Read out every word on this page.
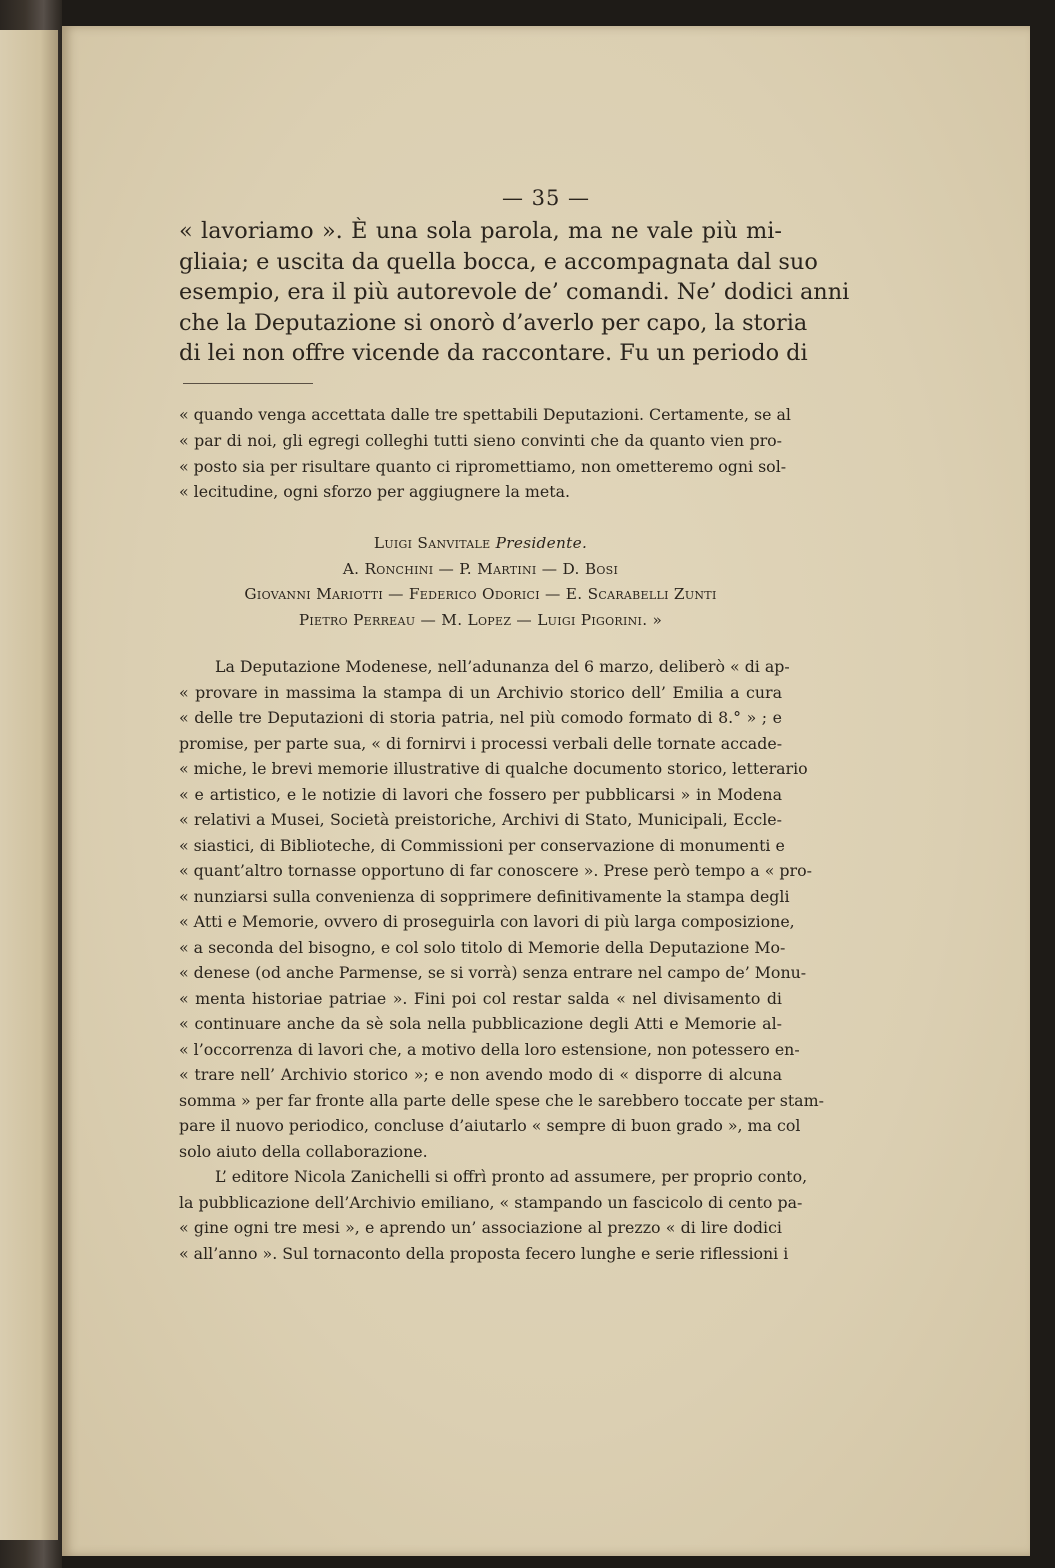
— 35 —
« lavoriamo ». È una sola parola, ma ne vale più mi-
gliaia; e uscita da quella bocca, e accompagnata dal suo
esempio, era il più autorevole de’ comandi. Ne’ dodici anni
che la Deputazione si onorò d’averlo per capo, la storia
di lei non offre vicende da raccontare. Fu un periodo di
« quando venga accettata dalle tre spettabili Deputazioni. Certamente, se al
« par di noi, gli egregi colleghi tutti sieno convinti che da quanto vien pro-
« posto sia per risultare quanto ci ripromettiamo, non ometteremo ogni sol-
« lecitudine, ogni sforzo per aggiugnere la meta.
Luigi Sanvitale Presidente.
A. Ronchini — P. Martini — D. Bosi
Giovanni Mariotti — Federico Odorici — E. Scarabelli Zunti
Pietro Perreau — M. Lopez — Luigi Pigorini. »
La Deputazione Modenese, nell’adunanza del 6 marzo, deliberò « di ap-
« provare in massima la stampa di un Archivio storico dell’ Emilia a cura
« delle tre Deputazioni di storia patria, nel più comodo formato di 8.° » ; e
promise, per parte sua, « di fornirvi i processi verbali delle tornate accade-
« miche, le brevi memorie illustrative di qualche documento storico, letterario
« e artistico, e le notizie di lavori che fossero per pubblicarsi » in Modena
« relativi a Musei, Società preistoriche, Archivi di Stato, Municipali, Eccle-
« siastici, di Biblioteche, di Commissioni per conservazione di monumenti e
« quant’altro tornasse opportuno di far conoscere ». Prese però tempo a « pro-
« nunziarsi sulla convenienza di sopprimere definitivamente la stampa degli
« Atti e Memorie, ovvero di proseguirla con lavori di più larga composizione,
« a seconda del bisogno, e col solo titolo di Memorie della Deputazione Mo-
« denese (od anche Parmense, se si vorrà) senza entrare nel campo de’ Monu-
« menta historiae patriae ». Fini poi col restar salda « nel divisamento di
« continuare anche da sè sola nella pubblicazione degli Atti e Memorie al-
« l’occorrenza di lavori che, a motivo della loro estensione, non potessero en-
« trare nell’ Archivio storico »; e non avendo modo di « disporre di alcuna
somma » per far fronte alla parte delle spese che le sarebbero toccate per stam-
pare il nuovo periodico, concluse d’aiutarlo « sempre di buon grado », ma col
solo aiuto della collaborazione.
L’ editore Nicola Zanichelli si offrì pronto ad assumere, per proprio conto,
la pubblicazione dell’Archivio emiliano, « stampando un fascicolo di cento pa-
« gine ogni tre mesi », e aprendo un’ associazione al prezzo « di lire dodici
« all’anno ». Sul tornaconto della proposta fecero lunghe e serie riflessioni i
